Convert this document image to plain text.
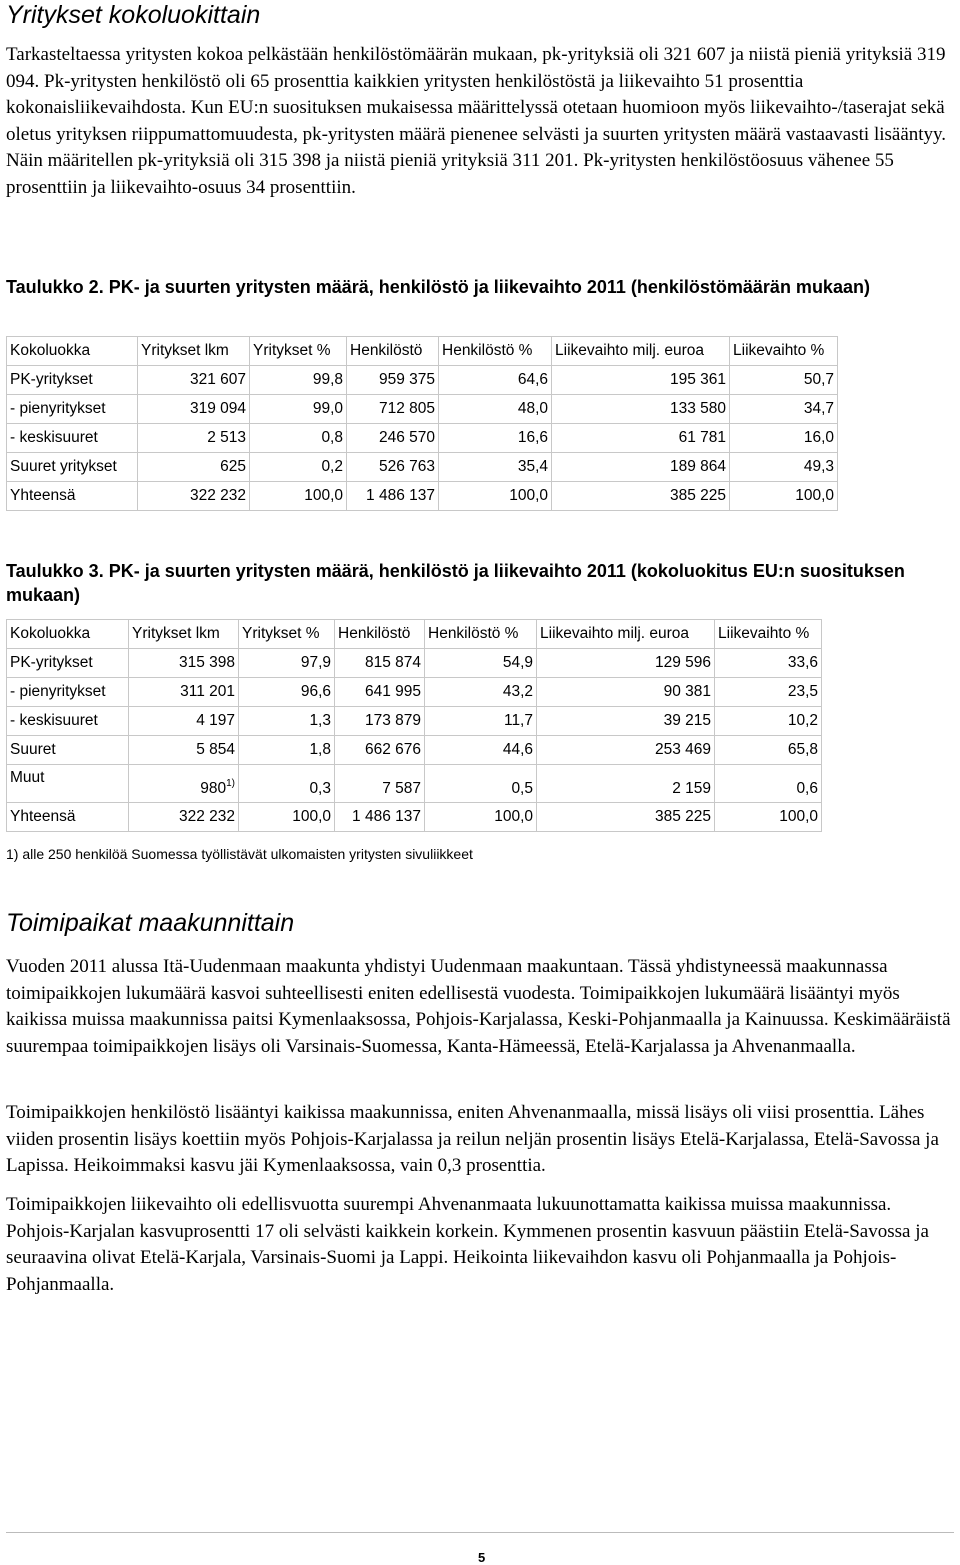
Yritykset kokoluokittain

Tarkasteltaessa yritysten kokoa pelkästään henkilöstömäärän mukaan, pk-yrityksiä oli 321 607 ja niistä pieniä yrityksiä 319 094. Pk-yritysten henkilöstö oli 65 prosenttia kaikkien yritysten henkilöstöstä ja liikevaihto 51 prosenttia kokonaisliikevaihdosta. Kun EU:n suosituksen mukaisessa määrittelyssä otetaan huomioon myös liikevaihto-/taserajat sekä oletus yrityksen riippumattomuudesta, pk-yritysten määrä pienenee selvästi ja suurten yritysten määrä vastaavasti lisääntyy. Näin määritellen pk-yrityksiä oli 315 398 ja niistä pieniä yrityksiä 311 201. Pk-yritysten henkilöstöosuus vähenee 55 prosenttiin ja liikevaihto-osuus 34 prosenttiin.

Taulukko 2. PK- ja suurten yritysten määrä, henkilöstö ja liikevaihto 2011 (henkilöstömäärän mukaan)

Kokoluokka	Yritykset lkm	Yritykset %	Henkilöstö	Henkilöstö %	Liikevaihto milj. euroa	Liikevaihto %
PK-yritykset	321 607	99,8	959 375	64,6	195 361	50,7
- pienyritykset	319 094	99,0	712 805	48,0	133 580	34,7
- keskisuuret	2 513	0,8	246 570	16,6	61 781	16,0
Suuret yritykset	625	0,2	526 763	35,4	189 864	49,3
Yhteensä	322 232	100,0	1 486 137	100,0	385 225	100,0

Taulukko 3. PK- ja suurten yritysten määrä, henkilöstö ja liikevaihto 2011 (kokoluokitus EU:n suosituksen mukaan)

Kokoluokka	Yritykset lkm	Yritykset %	Henkilöstö	Henkilöstö %	Liikevaihto milj. euroa	Liikevaihto %
PK-yritykset	315 398	97,9	815 874	54,9	129 596	33,6
- pienyritykset	311 201	96,6	641 995	43,2	90 381	23,5
- keskisuuret	4 197	1,3	173 879	11,7	39 215	10,2
Suuret	5 854	1,8	662 676	44,6	253 469	65,8
Muut	980$^{1)}$	0,3	7 587	0,5	2 159	0,6
Yhteensä	322 232	100,0	1 486 137	100,0	385 225	100,0

1) alle 250 henkilöä Suomessa työllistävät ulkomaisten yritysten sivuliikkeet

Toimipaikat maakunnittain

Vuoden 2011 alussa Itä-Uudenmaan maakunta yhdistyi Uudenmaan maakuntaan. Tässä yhdistyneessä maakunnassa toimipaikkojen lukumäärä kasvoi suhteellisesti eniten edellisestä vuodesta. Toimipaikkojen lukumäärä lisääntyi myös kaikissa muissa maakunnissa paitsi Kymenlaaksossa, Pohjois-Karjalassa, Keski-Pohjanmaalla ja Kainuussa. Keskimääräistä suurempaa toimipaikkojen lisäys oli Varsinais-Suomessa, Kanta-Hämeessä, Etelä-Karjalassa ja Ahvenanmaalla.

Toimipaikkojen henkilöstö lisääntyi kaikissa maakunnissa, eniten Ahvenanmaalla, missä lisäys oli viisi prosenttia. Lähes viiden prosentin lisäys koettiin myös Pohjois-Karjalassa ja reilun neljän prosentin lisäys Etelä-Karjalassa, Etelä-Savossa ja Lapissa. Heikoimmaksi kasvu jäi Kymenlaaksossa, vain 0,3 prosenttia.

Toimipaikkojen liikevaihto oli edellisvuotta suurempi Ahvenanmaata lukuunottamatta kaikissa muissa maakunnissa. Pohjois-Karjalan kasvuprosentti 17 oli selvästi kaikkein korkein. Kymmenen prosentin kasvuun päästiin Etelä-Savossa ja seuraavina olivat Etelä-Karjala, Varsinais-Suomi ja Lappi. Heikointa liikevaihdon kasvu oli Pohjanmaalla ja Pohjois-Pohjanmaalla.

5
